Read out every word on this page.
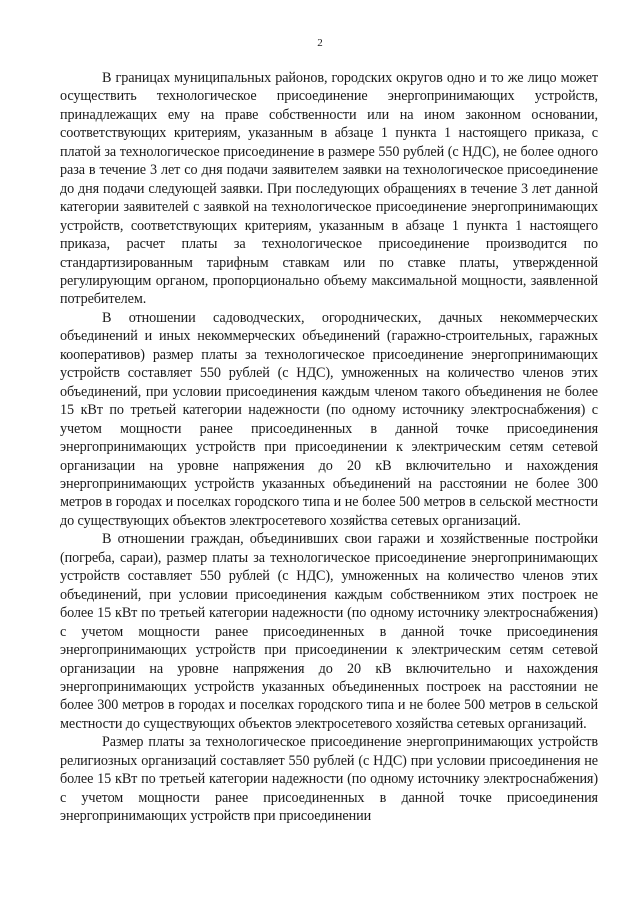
2

В границах муниципальных районов, городских округов одно и то же лицо может осуществить технологическое присоединение энергопринимающих устройств, принадлежащих ему на праве собственности или на ином законном основании, соответствующих критериям, указанным в абзаце 1 пункта 1 настоящего приказа, с платой за технологическое присоединение в размере 550 рублей (с НДС), не более одного раза в течение 3 лет со дня подачи заявителем заявки на технологическое присоединение до дня подачи следующей заявки. При последующих обращениях в течение 3 лет данной категории заявителей с заявкой на технологическое присоединение энергопринимающих устройств, соответствующих критериям, указанным в абзаце 1 пункта 1 настоящего приказа, расчет платы за технологическое присоединение производится по стандартизированным тарифным ставкам или по ставке платы, утвержденной регулирующим органом, пропорционально объему максимальной мощности, заявленной потребителем.

В отношении садоводческих, огороднических, дачных некоммерческих объединений и иных некоммерческих объединений (гаражно-строительных, гаражных кооперативов) размер платы за технологическое присоединение энергопринимающих устройств составляет 550 рублей (с НДС), умноженных на количество членов этих объединений, при условии присоединения каждым членом такого объединения не более 15 кВт по третьей категории надежности (по одному источнику электроснабжения) с учетом мощности ранее присоединенных в данной точке присоединения энергопринимающих устройств при присоединении к электрическим сетям сетевой организации на уровне напряжения до 20 кВ включительно и нахождения энергопринимающих устройств указанных объединений на расстоянии не более 300 метров в городах и поселках городского типа и не более 500 метров в сельской местности до существующих объектов электросетевого хозяйства сетевых организаций.

В отношении граждан, объединивших свои гаражи и хозяйственные постройки (погреба, сараи), размер платы за технологическое присоединение энергопринимающих устройств составляет 550 рублей (с НДС), умноженных на количество членов этих объединений, при условии присоединения каждым собственником этих построек не более 15 кВт по третьей категории надежности (по одному источнику электроснабжения) с учетом мощности ранее присоединенных в данной точке присоединения энергопринимающих устройств при присоединении к электрическим сетям сетевой организации на уровне напряжения до 20 кВ включительно и нахождения энергопринимающих устройств указанных объединенных построек на расстоянии не более 300 метров в городах и поселках городского типа и не более 500 метров в сельской местности до существующих объектов электросетевого хозяйства сетевых организаций.

Размер платы за технологическое присоединение энергопринимающих устройств религиозных организаций составляет 550 рублей (с НДС) при условии присоединения не более 15 кВт по третьей категории надежности (по одному источнику электроснабжения) с учетом мощности ранее присоединенных в данной точке присоединения энергопринимающих устройств при присоединении
